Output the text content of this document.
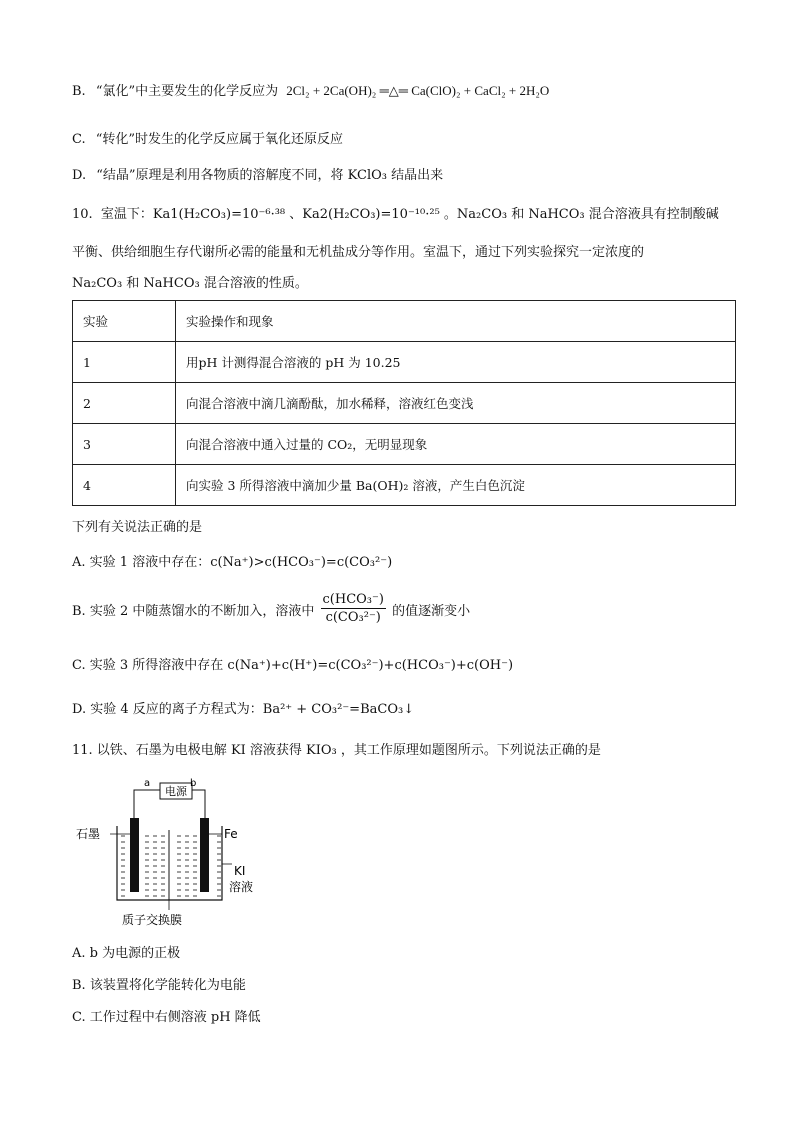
B. “氯化”中主要发生的化学反应为 2Cl₂ + 2Ca(OH)₂ ═△═ Ca(ClO)₂ + CaCl₂ + 2H₂O
C. “转化”时发生的化学反应属于氧化还原反应
D. “结晶”原理是利用各物质的溶解度不同，将 KClO₃ 结晶出来
10. 室温下：Ka1(H₂CO₃)=10⁻⁶·³⁸ 、Ka2(H₂CO₃)=10⁻¹⁰·²⁵ 。Na₂CO₃ 和 NaHCO₃ 混合溶液具有控制酸碱
平衡、供给细胞生存代谢所必需的能量和无机盐成分等作用。室温下，通过下列实验探究一定浓度的
Na₂CO₃ 和 NaHCO₃ 混合溶液的性质。
实验	实验操作和现象
1	用pH 计测得混合溶液的 pH 为 10.25
2	向混合溶液中滴几滴酚酞，加水稀释，溶液红色变浅
3	向混合溶液中通入过量的 CO₂，无明显现象
4	向实验 3 所得溶液中滴加少量 Ba(OH)₂ 溶液，产生白色沉淀
下列有关说法正确的是
A. 实验 1 溶液中存在：c(Na⁺)>c(HCO₃⁻)=c(CO₃²⁻)
B. 实验 2 中随蒸馏水的不断加入，溶液中 $\frac{\text{c(HCO₃⁻)}}{\text{c(CO₃²⁻)}}$ 的值逐渐变小
C. 实验 3 所得溶液中存在 c(Na⁺)+c(H⁺)=c(CO₃²⁻)+c(HCO₃⁻)+c(OH⁻)
D. 实验 4 反应的离子方程式为：Ba²⁺ + CO₃²⁻=BaCO₃↓
11. 以铁、石墨为电极电解 KI 溶液获得 KIO₃ ，其工作原理如题图所示。下列说法正确的是
电源
a	b
石墨	Fe
KI
溶液
质子交换膜
A. b 为电源的正极
B. 该装置将化学能转化为电能
C. 工作过程中右侧溶液 pH 降低
